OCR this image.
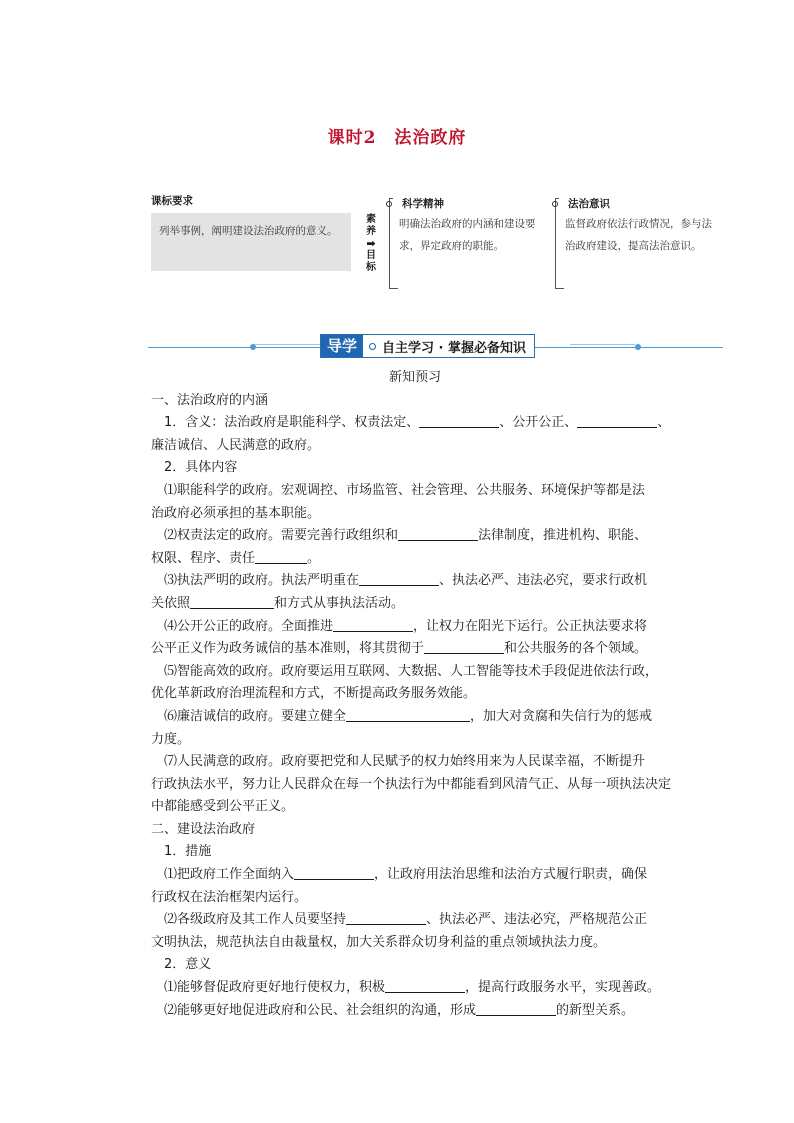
课时2　法治政府
课标要求
列举事例，阐明建设法治政府的意义。
素
养
➡
目
标
科学精神
明确法治政府的内涵和建设要求，界定政府的职能。
法治意识
监督政府依法行政情况，参与法治政府建设，提高法治意识。
导学	自主学习 · 掌握必备知识

新知预习

一、法治政府的内涵

1．含义：法治政府是职能科学、权责法定、	、公开公正、	、

廉洁诚信、人民满意的政府。

2．具体内容

⑴职能科学的政府。宏观调控、市场监管、社会管理、公共服务、环境保护等都是法

治政府必须承担的基本职能。

⑵权责法定的政府。需要完善行政组织和	法律制度，推进机构、职能、

权限、程序、责任	。

⑶执法严明的政府。执法严明重在	、执法必严、违法必究，要求行政机

关依照	和方式从事执法活动。

⑷公开公正的政府。全面推进	，让权力在阳光下运行。公正执法要求将

公平正义作为政务诚信的基本准则，将其贯彻于	和公共服务的各个领域。

⑸智能高效的政府。政府要运用互联网、大数据、人工智能等技术手段促进依法行政，

优化革新政府治理流程和方式，不断提高政务服务效能。

⑹廉洁诚信的政府。要建立健全	，加大对贪腐和失信行为的惩戒

力度。

⑺人民满意的政府。政府要把党和人民赋予的权力始终用来为人民谋幸福，不断提升

行政执法水平，努力让人民群众在每一个执法行为中都能看到风清气正、从每一项执法决定

中都能感受到公平正义。

二、建设法治政府

1．措施

⑴把政府工作全面纳入	，让政府用法治思维和法治方式履行职责，确保

行政权在法治框架内运行。

⑵各级政府及其工作人员要坚持	、执法必严、违法必究，严格规范公正

文明执法，规范执法自由裁量权，加大关系群众切身利益的重点领域执法力度。

2．意义

⑴能够督促政府更好地行使权力，积极	，提高行政服务水平，实现善政。

⑵能够更好地促进政府和公民、社会组织的沟通，形成	的新型关系。
